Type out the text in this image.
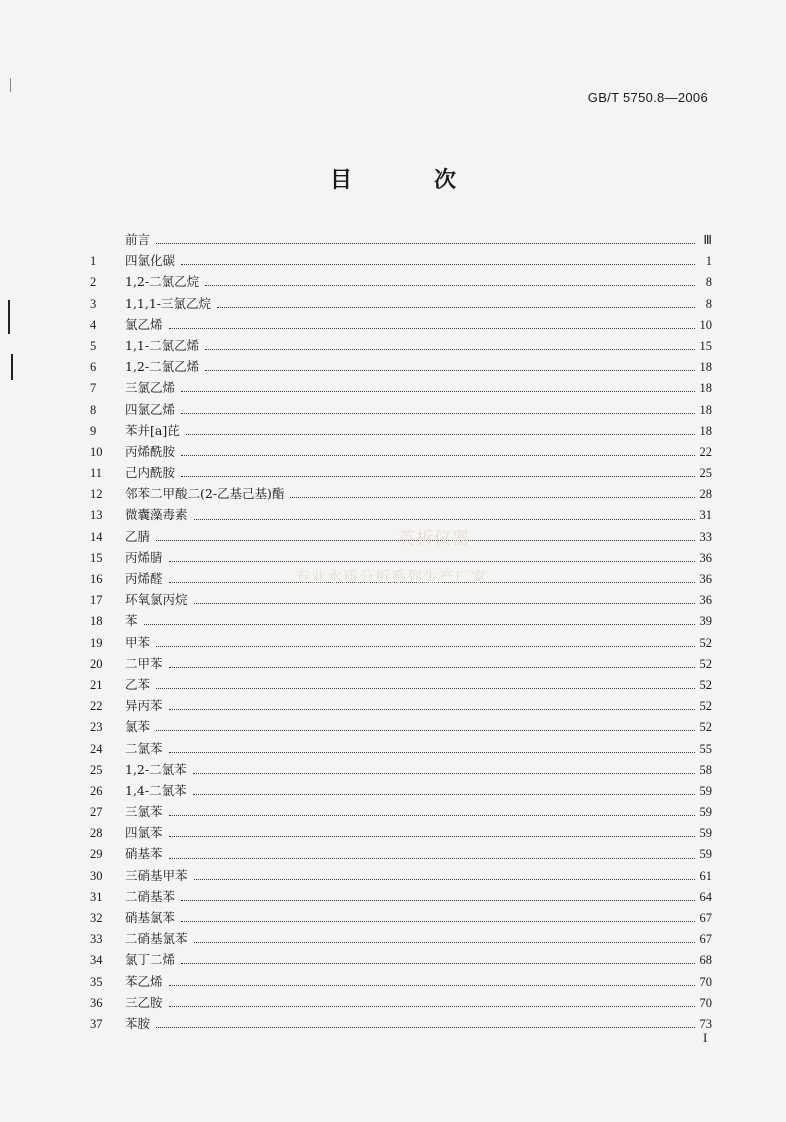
GB/T 5750.8—2006
目　次
前言	Ⅲ
1	四氯化碳	1
2	1,2-二氯乙烷	8
3	1,1,1-三氯乙烷	8
4	氯乙烯	10
5	1,1-二氯乙烯	15
6	1,2-二氯乙烯	18
7	三氯乙烯	18
8	四氯乙烯	18
9	苯并[a]芘	18
10	丙烯酰胺	22
11	己内酰胺	25
12	邻苯二甲酸二(2-乙基己基)酯	28
13	微囊藻毒素	31
14	乙腈	33
15	丙烯腈	36
16	丙烯醛	36
17	环氧氯丙烷	36
18	苯	39
19	甲苯	52
20	二甲苯	52
21	乙苯	52
22	异丙苯	52
23	氯苯	52
24	二氯苯	55
25	1,2-二氯苯	58
26	1,4-二氯苯	59
27	三氯苯	59
28	四氯苯	59
29	硝基苯	59
30	三硝基甲苯	61
31	二硝基苯	64
32	硝基氯苯	67
33	二硝基氯苯	67
34	氯丁二烯	68
35	苯乙烯	70
36	三乙胺	70
37	苯胺	73
I
英析仪器
专业水质分析系列生产厂家
